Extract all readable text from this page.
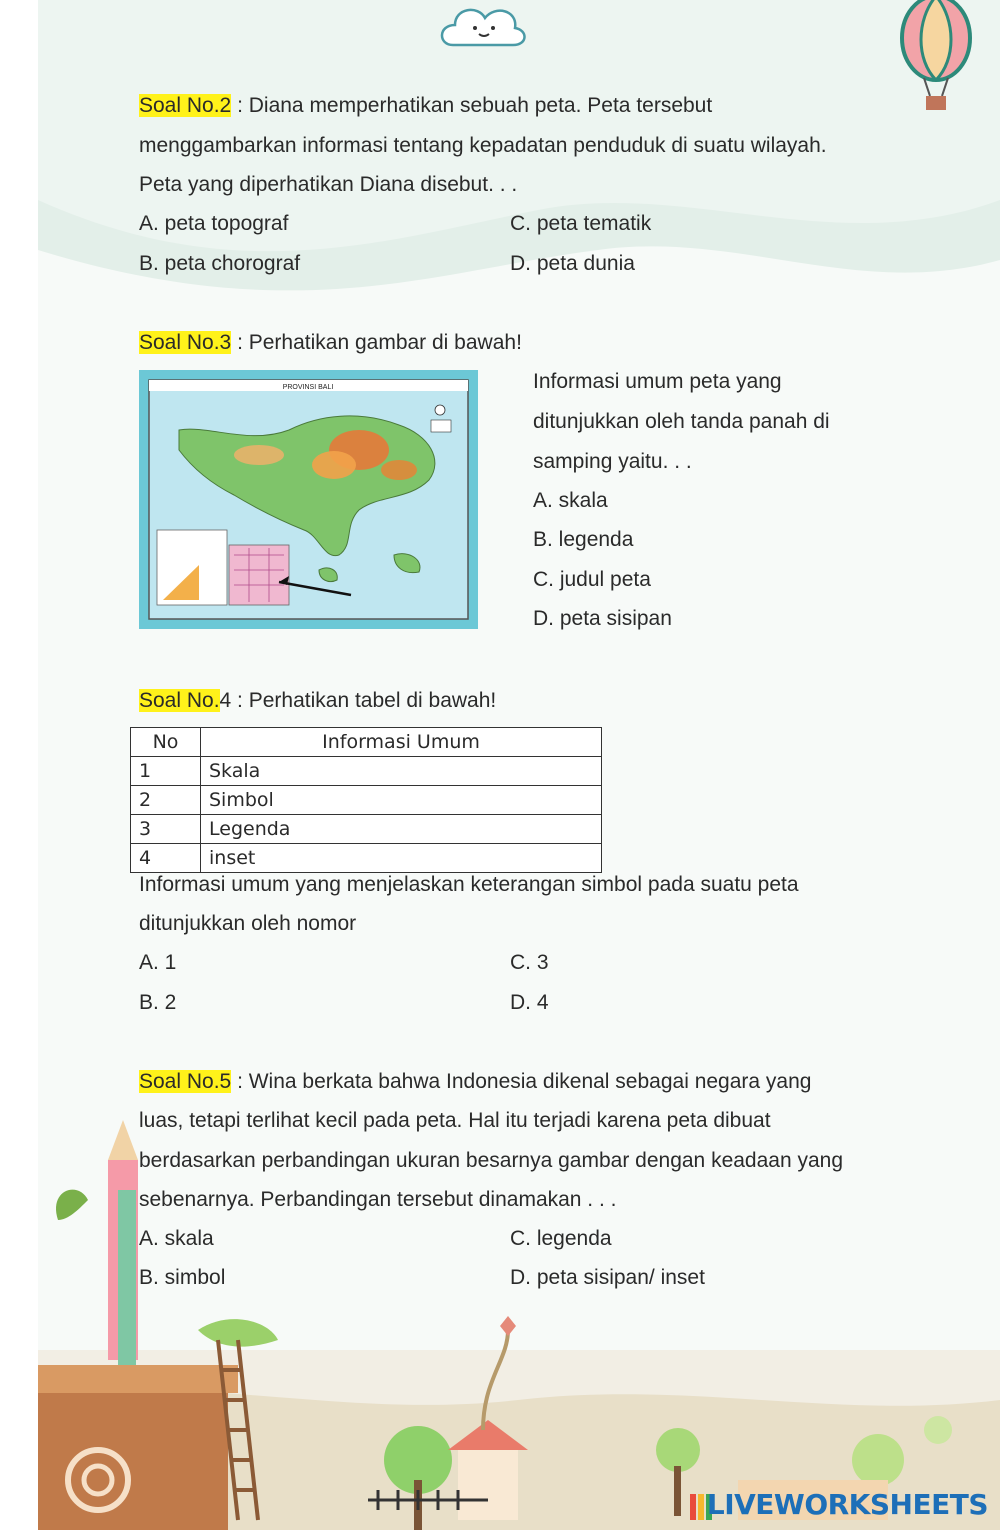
Soal No.2 : Diana memperhatikan sebuah peta. Peta tersebut
menggambarkan informasi tentang kepadatan penduduk di suatu wilayah.
Peta yang diperhatikan Diana disebut. . .
A. peta topograf	C. peta tematik
B. peta chorograf	D. peta dunia
Soal No.3 : Perhatikan gambar di bawah!
PROVINSI BALI	Informasi umum peta yang
ditunjukkan oleh tanda panah di
samping yaitu. . .
A. skala
B. legenda
C. judul peta
D. peta sisipan
Soal No.4 : Perhatikan tabel di bawah!
No	Informasi Umum
1	Skala
2	Simbol
3	Legenda
4	inset
Informasi umum yang menjelaskan keterangan simbol pada suatu peta
ditunjukkan oleh nomor
A. 1	C. 3
B. 2	D. 4
Soal No.5 : Wina berkata bahwa Indonesia dikenal sebagai negara yang
luas, tetapi terlihat kecil pada peta. Hal itu terjadi karena peta dibuat
berdasarkan perbandingan ukuran besarnya gambar dengan keadaan yang
sebenarnya. Perbandingan tersebut dinamakan . . .
A. skala	C. legenda
B. simbol	D. peta sisipan/ inset
LIVEWORKSHEETS
